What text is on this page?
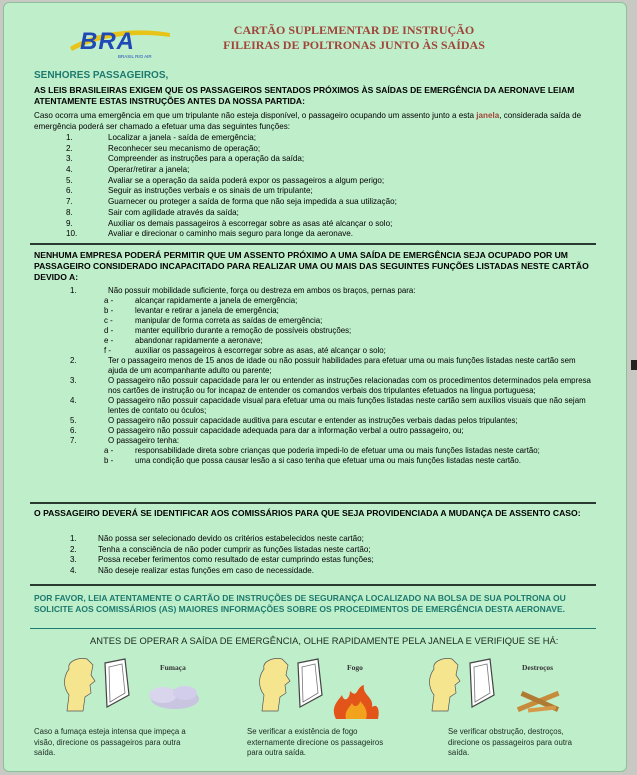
BRA
BRASIL RIO AIR
CARTÃO SUPLEMENTAR DE INSTRUÇÃO
FILEIRAS DE POLTRONAS JUNTO ÀS SAÍDAS
SENHORES PASSAGEIROS,
AS LEIS BRASILEIRAS EXIGEM QUE OS PASSAGEIROS SENTADOS PRÓXIMOS ÀS SAÍDAS DE EMERGÊNCIA DA AERONAVE LEIAM ATENTAMENTE ESTAS INSTRUÇÕES ANTES DA NOSSA PARTIDA:
Caso ocorra uma emergência em que um tripulante não esteja disponível, o passageiro ocupando um assento junto a esta janela, considerada saída de emergência poderá ser chamado a efetuar uma das seguintes funções:
1.	Localizar a janela - saída de emergência;
2.	Reconhecer seu mecanismo de operação;
3.	Compreender as instruções para a operação da saída;
4.	Operar/retirar a janela;
5.	Avaliar se a operação da saída poderá expor os passageiros a algum perigo;
6.	Seguir as instruções verbais e os sinais de um tripulante;
7.	Guarnecer ou proteger a saída de forma que não seja impedida a sua utilização;
8.	Sair com agilidade através da saída;
9.	Auxiliar os demais passageiros à escorregar sobre as asas até alcançar o solo;
10.	Avaliar e direcionar o caminho mais seguro para longe da aeronave.
NENHUMA EMPRESA PODERÁ PERMITIR QUE UM ASSENTO PRÓXIMO A UMA SAÍDA DE EMERGÊNCIA SEJA OCUPADO POR UM PASSAGEIRO CONSIDERADO INCAPACITADO PARA REALIZAR UMA OU MAIS DAS SEGUINTES FUNÇÕES LISTADAS NESTE CARTÃO DEVIDO A:
1.	Não possuir mobilidade suficiente, força ou destreza em ambos os braços, pernas para:
a -	alcançar rapidamente a janela de emergência;
b -	levantar e retirar a janela de emergência;
c -	manipular de forma correta as saídas de emergência;
d -	manter equilíbrio durante a remoção de possíveis obstruções;
e -	abandonar rapidamente a aeronave;
f -	auxiliar os passageiros à escorregar sobre as asas, até alcançar o solo;
2.	Ter o passageiro menos de 15 anos de idade ou não possuir habilidades para efetuar uma ou mais funções listadas neste cartão sem ajuda de um acompanhante adulto ou parente;
3.	O passageiro não possuir capacidade para ler ou entender as instruções relacionadas com os procedimentos determinados pela empresa nos cartões de instrução ou for incapaz de entender os comandos verbais dos tripulantes efetuados na língua portuguesa;
4.	O passageiro não possuir capacidade visual para efetuar uma ou mais funções listadas neste cartão sem auxílios visuais que não sejam lentes de contato ou óculos;
5.	O passageiro não possuir capacidade auditiva para escutar e entender as instruções verbais dadas pelos tripulantes;
6.	O passageiro não possuir capacidade adequada para dar a informação verbal a outro passageiro, ou;
7.	O passageiro tenha:
a -	responsabilidade direta sobre crianças que poderia impedi-lo de efetuar uma ou mais funções listadas neste cartão;
b -	uma condição que possa causar lesão a si caso tenha que efetuar uma ou mais funções listadas neste cartão.
O PASSAGEIRO DEVERÁ SE IDENTIFICAR AOS COMISSÁRIOS PARA QUE SEJA PROVIDENCIADA A MUDANÇA DE ASSENTO CASO:
1.	Não possa ser selecionado devido os critérios estabelecidos neste cartão;
2.	Tenha a consciência de não poder cumprir as funções listadas neste cartão;
3.	Possa receber ferimentos como resultado de estar cumprindo estas funções;
4.	Não deseje realizar estas funções em caso de necessidade.
POR FAVOR, LEIA ATENTAMENTE O CARTÃO DE INSTRUÇÕES DE SEGURANÇA LOCALIZADO NA BOLSA DE SUA POLTRONA OU SOLICITE AOS COMISSÁRIOS (AS) MAIORES INFORMAÇÕES SOBRE OS PROCEDIMENTOS DE EMERGÊNCIA DESTA AERONAVE.
ANTES DE OPERAR A SAÍDA DE EMERGÊNCIA, OLHE RAPIDAMENTE PELA JANELA E VERIFIQUE SE HÁ:
Fumaça
Caso a fumaça esteja intensa que impeça a visão, direcione os passageiros para outra saída.
Fogo
Se verificar a existência de fogo externamente direcione os passageiros para outra saída.
Destroços
Se verificar obstrução, destroços, direcione os passageiros para outra saída.
